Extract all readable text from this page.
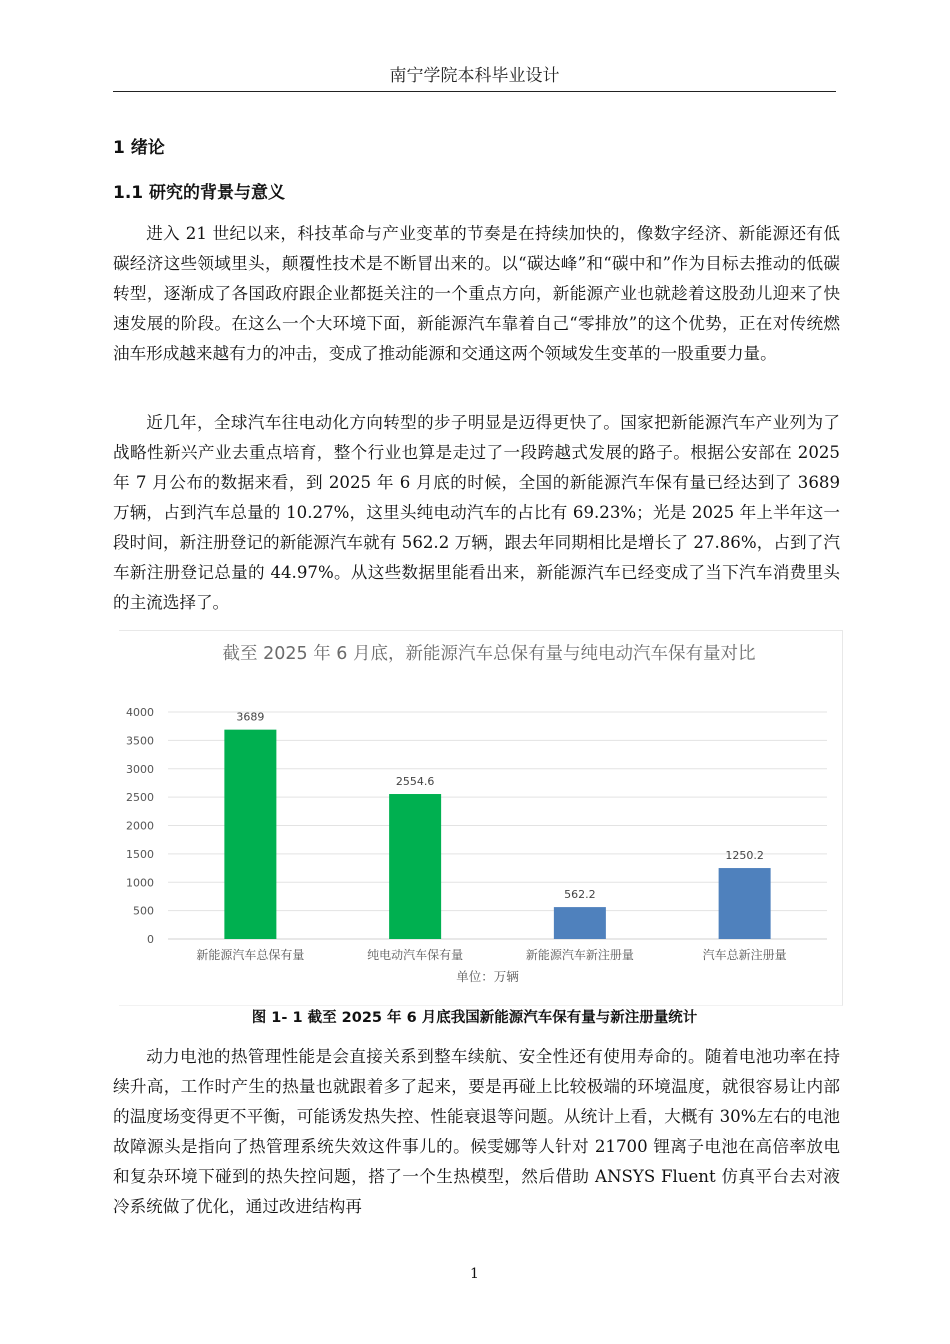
南宁学院本科毕业设计
1 绪论
1.1 研究的背景与意义

进入 21 世纪以来，科技革命与产业变革的节奏是在持续加快的，像数字经济、新能源还有低碳经济这些领域里头，颠覆性技术是不断冒出来的。以“碳达峰”和“碳中和”作为目标去推动的低碳转型，逐渐成了各国政府跟企业都挺关注的一个重点方向，新能源产业也就趁着这股劲儿迎来了快速发展的阶段。在这么一个大环境下面，新能源汽车靠着自己“零排放”的这个优势，正在对传统燃油车形成越来越有力的冲击，变成了推动能源和交通这两个领域发生变革的一股重要力量。

近几年，全球汽车往电动化方向转型的步子明显是迈得更快了。国家把新能源汽车产业列为了战略性新兴产业去重点培育，整个行业也算是走过了一段跨越式发展的路子。根据公安部在 2025 年 7 月公布的数据来看，到 2025 年 6 月底的时候，全国的新能源汽车保有量已经达到了 3689 万辆，占到汽车总量的 10.27%，这里头纯电动汽车的占比有 69.23%；光是 2025 年上半年这一段时间，新注册登记的新能源汽车就有 562.2 万辆，跟去年同期相比是增长了 27.86%，占到了汽车新注册登记总量的 44.97%。从这些数据里能看出来，新能源汽车已经变成了当下汽车消费里头的主流选择了。

截至 2025 年 6 月底，新能源汽车总保有量与纯电动汽车保有量对比
0
500
1000
1500
2000
2500
3000
3500
4000	3689
新能源汽车总保有量
2554.6
纯电动汽车保有量
562.2
新能源汽车新注册量
1250.2
汽车总新注册量
单位：万辆
图 1- 1 截至 2025 年 6 月底我国新能源汽车保有量与新注册量统计

动力电池的热管理性能是会直接关系到整车续航、安全性还有使用寿命的。随着电池功率在持续升高，工作时产生的热量也就跟着多了起来，要是再碰上比较极端的环境温度，就很容易让内部的温度场变得更不平衡，可能诱发热失控、性能衰退等问题。从统计上看，大概有 30%左右的电池故障源头是指向了热管理系统失效这件事儿的。候雯娜等人针对 21700 锂离子电池在高倍率放电和复杂环境下碰到的热失控问题，搭了一个生热模型，然后借助 ANSYS Fluent 仿真平台去对液冷系统做了优化，通过改进结构再

1
